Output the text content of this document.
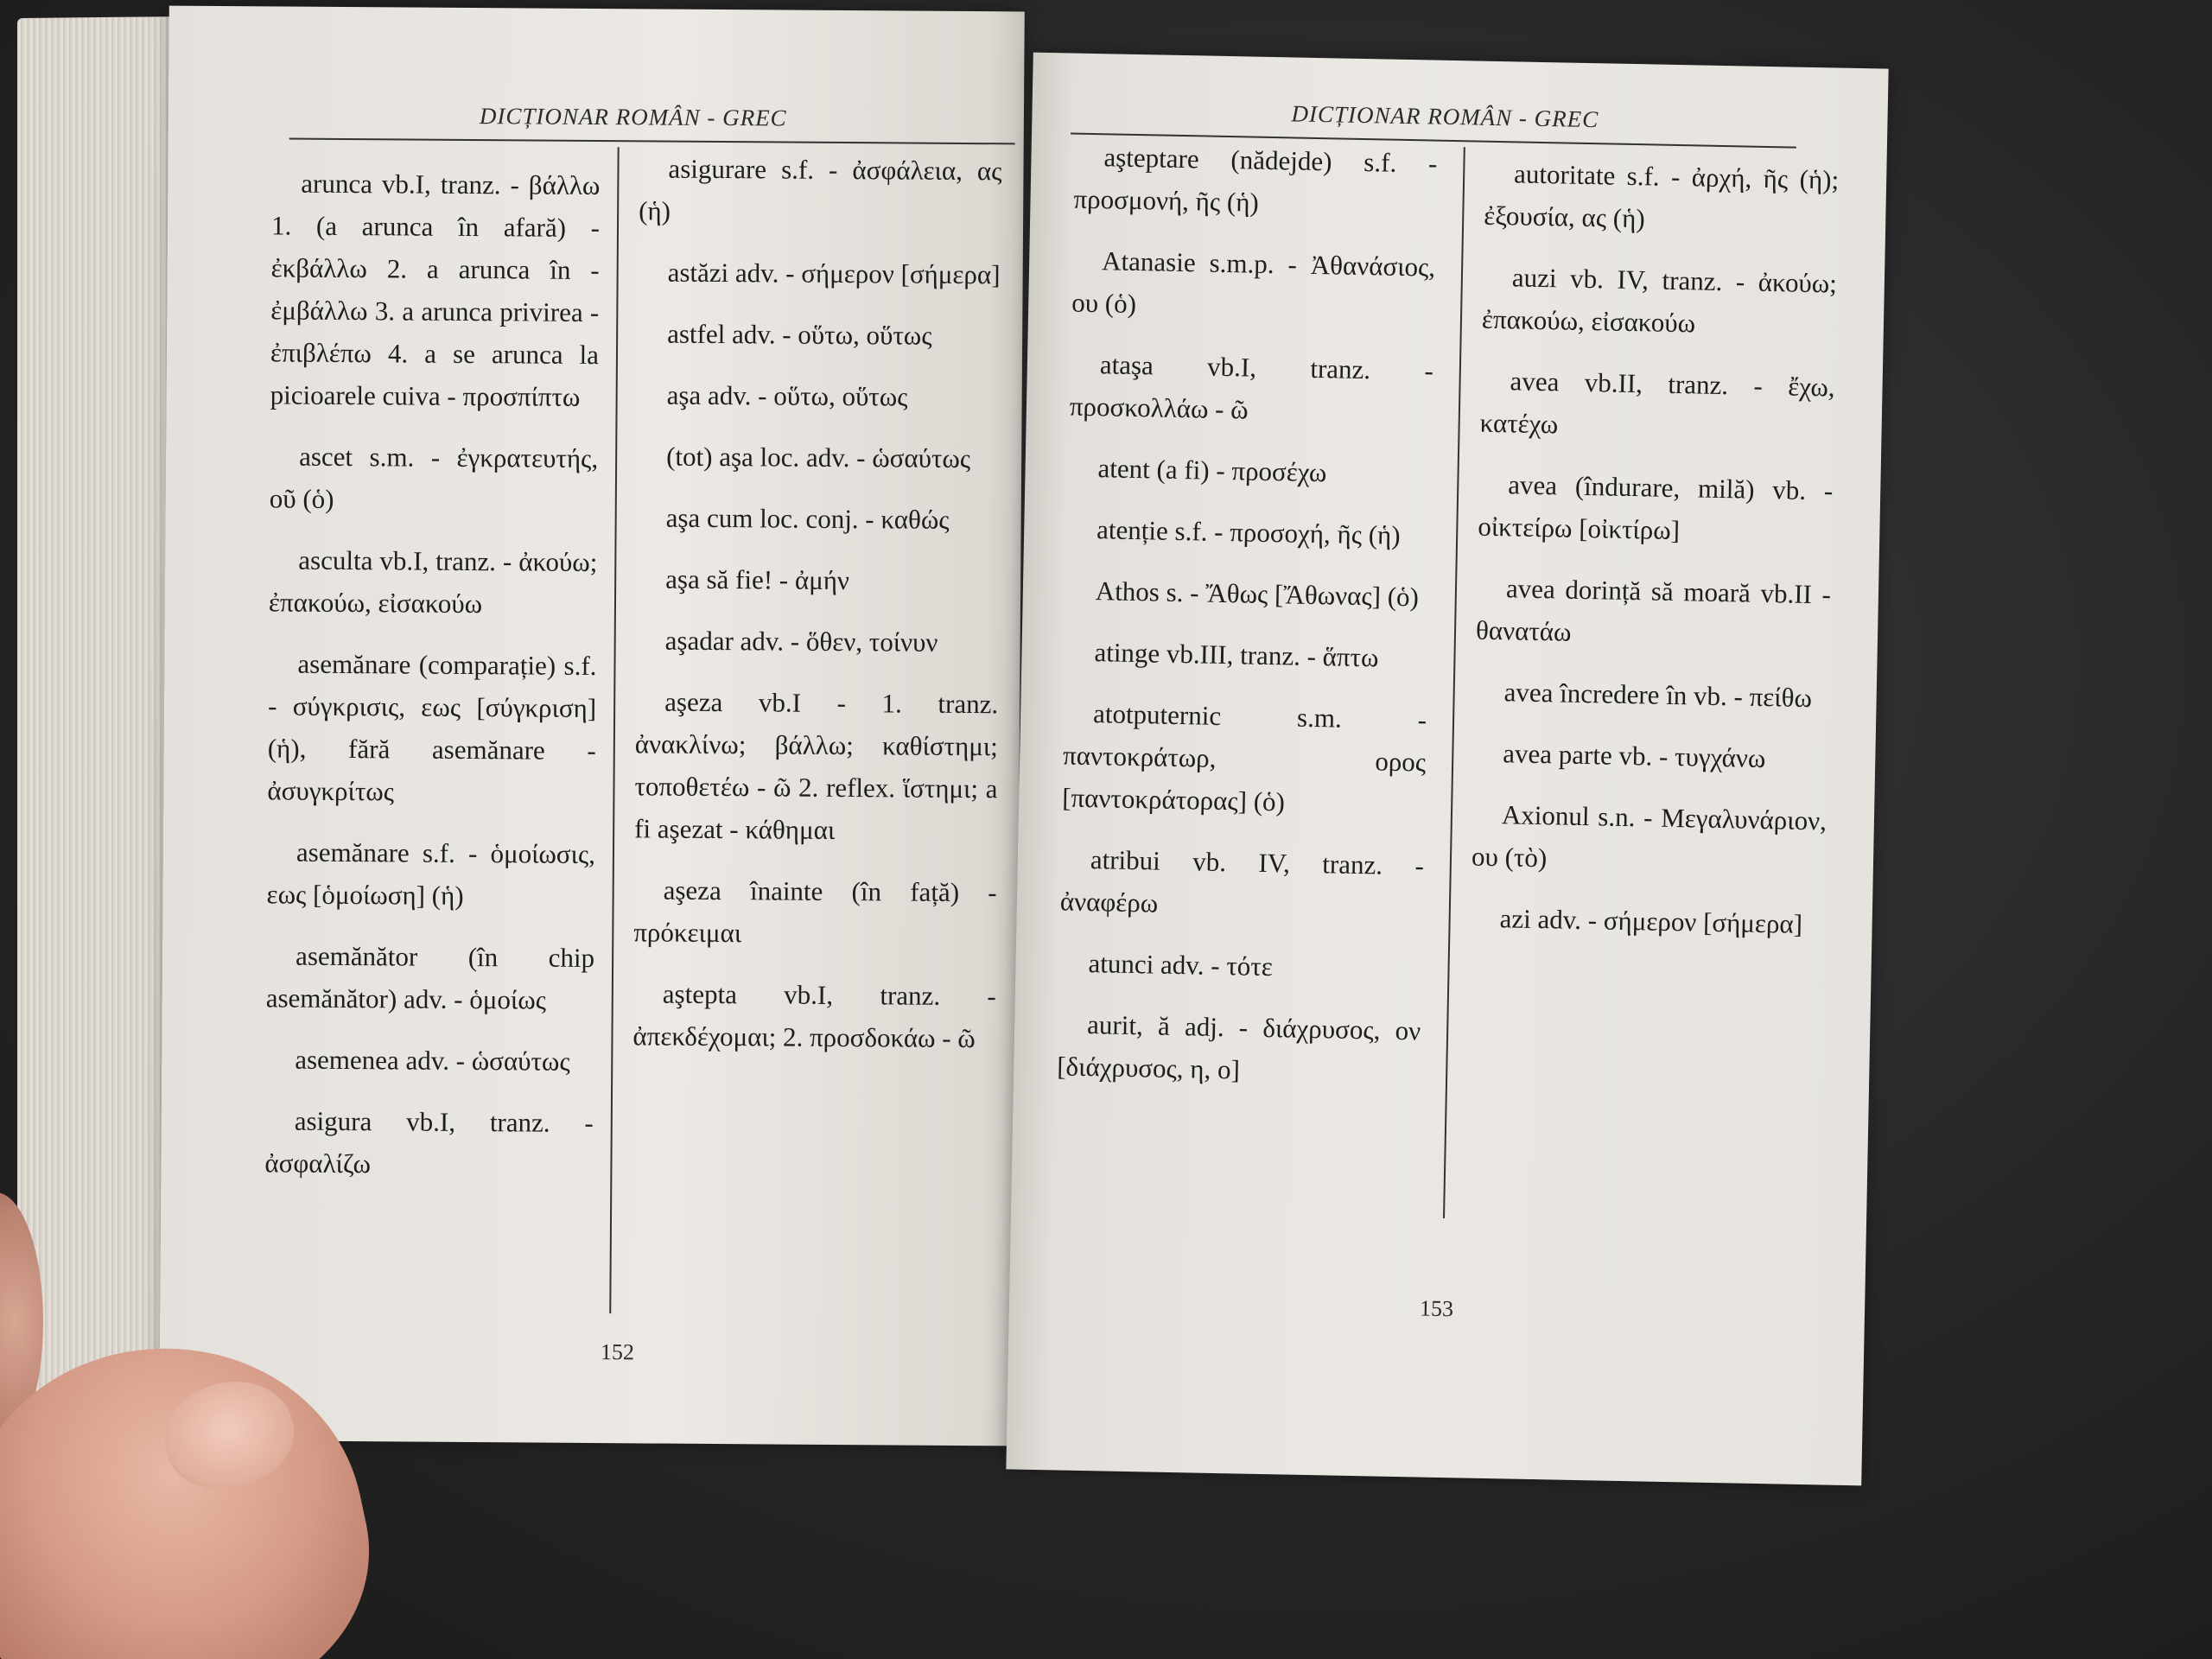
DICȚIONAR ROMÂN - GREC

arunca vb.I, tranz. - βάλλω 1. (a arunca în afară) - ἐκβάλλω 2. a arunca în - ἐμβάλλω 3. a arunca privirea - ἐπιβλέπω 4. a se arunca la picioarele cuiva - προσπίπτω

ascet s.m. - ἐγκρατευτής, οῦ (ὁ)

asculta vb.I, tranz. - ἀκούω; ἐπακούω, εἰσακούω

asemănare (comparație) s.f. - σύγκρισις, εως [σύγκριση] (ἡ), fără asemănare - ἀσυγκρίτως

asemănare s.f. - ὁμοίωσις, εως [ὁμοίωση] (ἡ)

asemănător (în chip asemănător) adv. - ὁμοίως

asemenea adv. - ὡσαύτως

asigura vb.I, tranz. - ἀσφαλίζω

asigurare s.f. - ἀσφάλεια, ας (ἡ)

astăzi adv. - σήμερον [σήμερα]

astfel adv. - οὕτω, οὕτως

aşa adv. - οὕτω, οὕτως

(tot) aşa loc. adv. - ὡσαύτως

aşa cum loc. conj. - καθώς

aşa să fie! - ἀμήν

aşadar adv. - ὅθεν, τοίνυν

aşeza vb.I - 1. tranz. ἀνακλίνω; βάλλω; καθίστημι; τοποθετέω - ῶ 2. reflex. ἵστημι; a fi aşezat - κάθημαι

aşeza înainte (în față) - πρόκειμαι

aştepta vb.I, tranz. - ἀπεκδέχομαι; 2. προσδοκάω - ῶ

152
DICȚIONAR ROMÂN - GREC

aşteptare (nădejde) s.f. - προσμονή, ῆς (ἡ)

Atanasie s.m.p. - Ἀθανάσιος, ου (ὁ)

ataşa vb.I, tranz. - προσκολλάω - ῶ

atent (a fi) - προσέχω

atenție s.f. - προσοχή, ῆς (ἡ)

Athos s. - Ἄθως [Ἄθωνας] (ὁ)

atinge vb.III, tranz. - ἅπτω

atotputernic s.m. - παντοκράτωρ, ορος [παντοκράτορας] (ὁ)

atribui vb. IV, tranz. - ἀναφέρω

atunci adv. - τότε

aurit, ă adj. - διάχρυσος, ον [διάχρυσος, η, ο]

autoritate s.f. - ἀρχή, ῆς (ἡ); ἐξουσία, ας (ἡ)

auzi vb. IV, tranz. - ἀκούω; ἐπακούω, εἰσακούω

avea vb.II, tranz. - ἔχω, κατέχω

avea (îndurare, milă) vb. - οἰκτείρω [οἰκτίρω]

avea dorință să moară vb.II - θανατάω

avea încredere în vb. - πείθω

avea parte vb. - τυγχάνω

Axionul s.n. - Μεγαλυνάριον, ου (τὸ)

azi adv. - σήμερον [σήμερα]

153
